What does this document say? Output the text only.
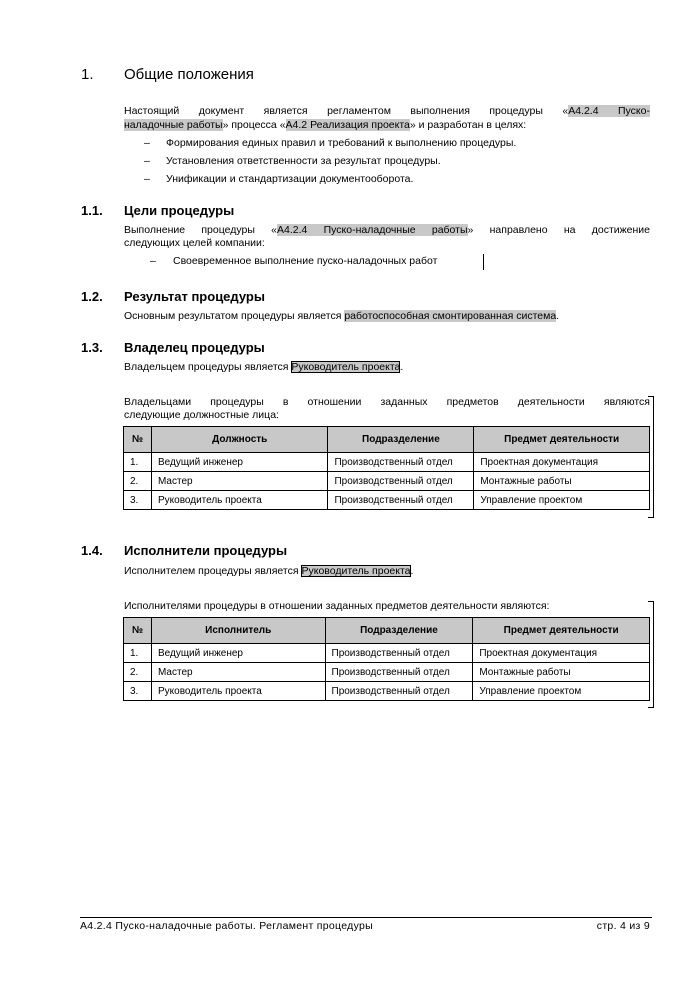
1. Общие положения
Настоящий документ является регламентом выполнения процедуры «А4.2.4 Пуско-
наладочные работы» процесса «А4.2 Реализация проекта» и разработан в целях:
– Формирования единых правил и требований к выполнению процедуры.
– Установления ответственности за результат процедуры.
– Унификации и стандартизации документооборота.
1.1. Цели процедуры
Выполнение процедуры «А4.2.4 Пуско-наладочные работы» направлено на достижение
следующих целей компании:
– Своевременное выполнение пуско-наладочных работ
1.2. Результат процедуры
Основным результатом процедуры является работоспособная смонтированная система.
1.3. Владелец процедуры
Владельцем процедуры является Руководитель проекта.
Владельцами процедуры в отношении заданных предметов деятельности являются
следующие должностные лица:
№	Должность	Подразделение	Предмет деятельности
1.	Ведущий инженер	Производственный отдел	Проектная документация
2.	Мастер	Производственный отдел	Монтажные работы
3.	Руководитель проекта	Производственный отдел	Управление проектом
1.4. Исполнители процедуры
Исполнителем процедуры является Руководитель проекта.
Исполнителями процедуры в отношении заданных предметов деятельности являются:
№	Исполнитель	Подразделение	Предмет деятельности
1.	Ведущий инженер	Производственный отдел	Проектная документация
2.	Мастер	Производственный отдел	Монтажные работы
3.	Руководитель проекта	Производственный отдел	Управление проектом
А4.2.4 Пуско-наладочные работы. Регламент процедуры	стр. 4 из 9
